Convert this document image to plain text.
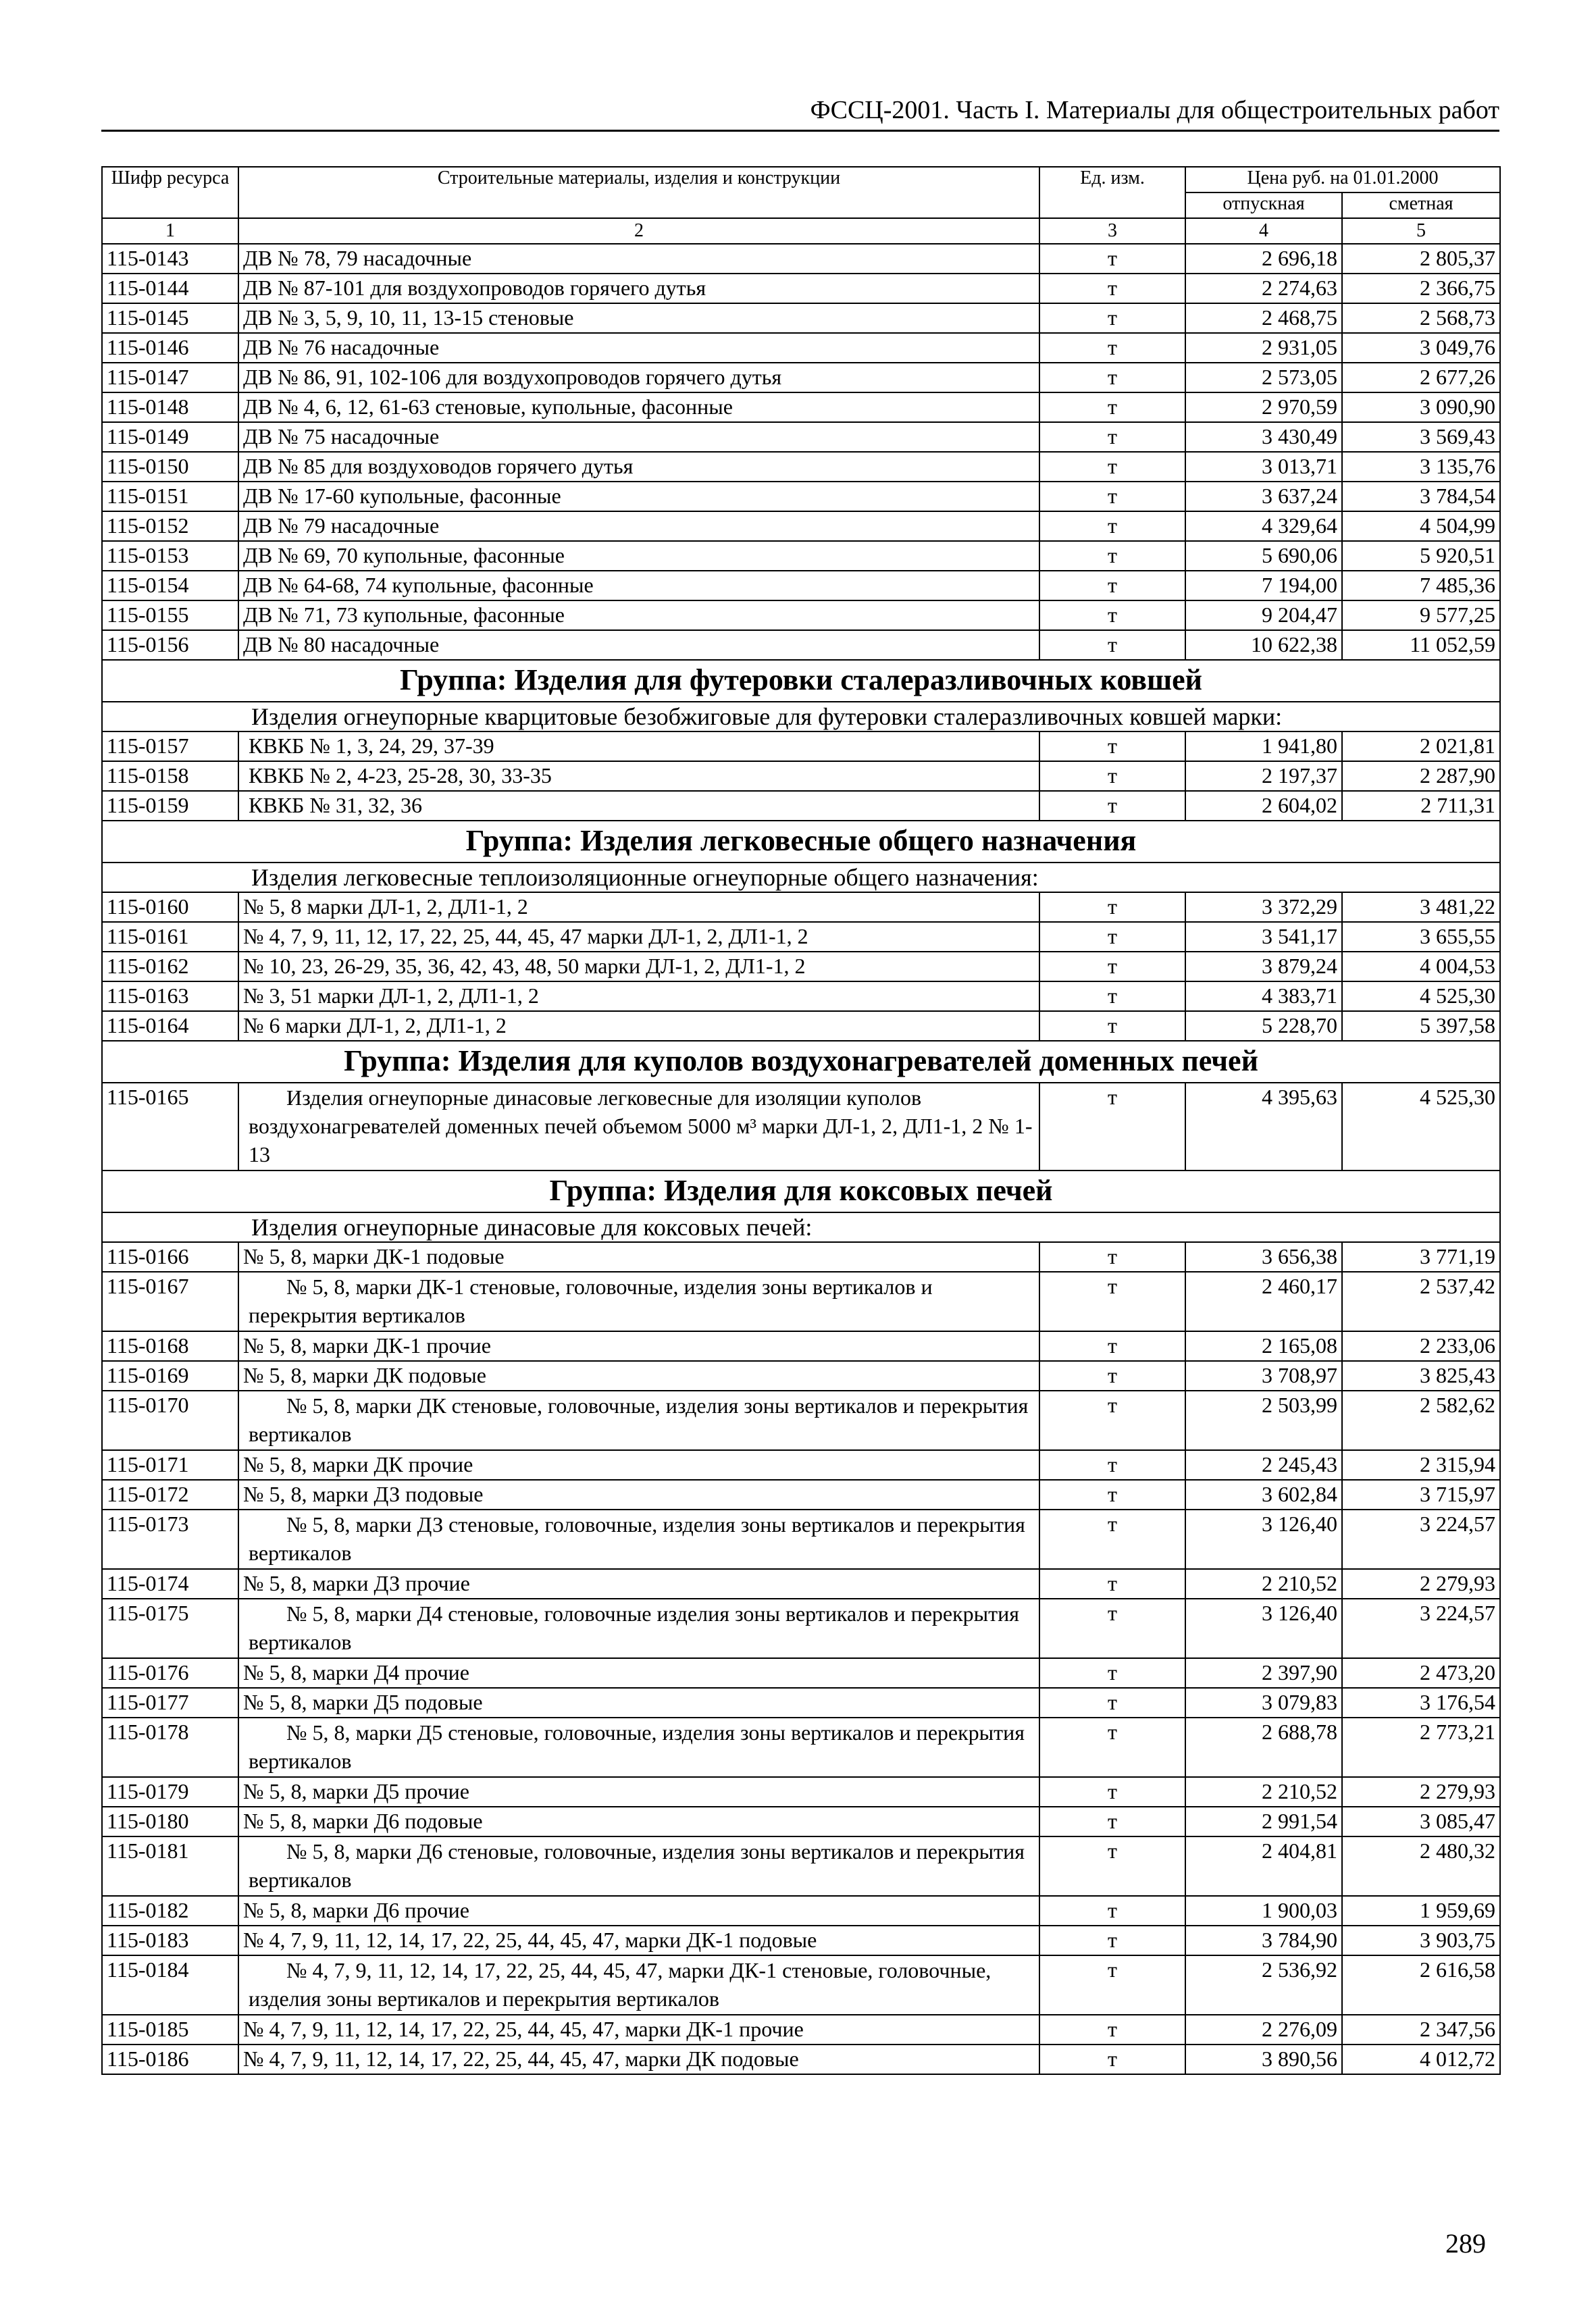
ФССЦ-2001. Часть I. Материалы для общестроительных работ
Шифр ресурса	Строительные материалы, изделия и конструкции	Ед. изм.	Цена руб. на 01.01.2000	
			отпускная	сметная
1	2	3	4	5
115-0143	ДВ № 78, 79 насадочные	т	2 696,18	2 805,37
115-0144	ДВ № 87-101 для воздухопроводов горячего дутья	т	2 274,63	2 366,75
115-0145	ДВ № 3, 5, 9, 10, 11, 13-15 стеновые	т	2 468,75	2 568,73
115-0146	ДВ № 76 насадочные	т	2 931,05	3 049,76
115-0147	ДВ № 86, 91, 102-106 для воздухопроводов горячего дутья	т	2 573,05	2 677,26
115-0148	ДВ № 4, 6, 12, 61-63 стеновые, купольные, фасонные	т	2 970,59	3 090,90
115-0149	ДВ № 75 насадочные	т	3 430,49	3 569,43
115-0150	ДВ № 85 для воздуховодов горячего дутья	т	3 013,71	3 135,76
115-0151	ДВ № 17-60 купольные, фасонные	т	3 637,24	3 784,54
115-0152	ДВ № 79 насадочные	т	4 329,64	4 504,99
115-0153	ДВ № 69, 70 купольные, фасонные	т	5 690,06	5 920,51
115-0154	ДВ № 64-68, 74 купольные, фасонные	т	7 194,00	7 485,36
115-0155	ДВ № 71, 73 купольные, фасонные	т	9 204,47	9 577,25
115-0156	ДВ № 80 насадочные	т	10 622,38	11 052,59
Группа: Изделия для футеровки сталеразливочных ковшей				
Изделия огнеупорные кварцитовые безобжиговые для футеровки сталеразливочных ковшей марки:				
115-0157	КВКБ № 1, 3, 24, 29, 37-39	т	1 941,80	2 021,81
115-0158	КВКБ № 2, 4-23, 25-28, 30, 33-35	т	2 197,37	2 287,90
115-0159	КВКБ № 31, 32, 36	т	2 604,02	2 711,31
Группа: Изделия легковесные общего назначения				
Изделия легковесные теплоизоляционные огнеупорные общего назначения:				
115-0160	№ 5, 8 марки ДЛ-1, 2, ДЛ1-1, 2	т	3 372,29	3 481,22
115-0161	№ 4, 7, 9, 11, 12, 17, 22, 25, 44, 45, 47 марки ДЛ-1, 2, ДЛ1-1, 2	т	3 541,17	3 655,55
115-0162	№ 10, 23, 26-29, 35, 36, 42, 43, 48, 50 марки ДЛ-1, 2, ДЛ1-1, 2	т	3 879,24	4 004,53
115-0163	№ 3, 51 марки ДЛ-1, 2, ДЛ1-1, 2	т	4 383,71	4 525,30
115-0164	№ 6 марки ДЛ-1, 2, ДЛ1-1, 2	т	5 228,70	5 397,58
Группа: Изделия для куполов воздухонагревателей доменных печей				
115-0165	Изделия огнеупорные динасовые легковесные для изоляции куполов воздухонагревателей доменных печей объемом 5000 м³ марки ДЛ-1, 2, ДЛ1-1, 2 № 1-13	т	4 395,63	4 525,30
Группа: Изделия для коксовых печей				
Изделия огнеупорные динасовые для коксовых печей:				
115-0166	№ 5, 8, марки ДК-1 подовые	т	3 656,38	3 771,19
115-0167	№ 5, 8, марки ДК-1 стеновые, головочные, изделия зоны вертикалов и перекрытия вертикалов	т	2 460,17	2 537,42
115-0168	№ 5, 8, марки ДК-1 прочие	т	2 165,08	2 233,06
115-0169	№ 5, 8, марки ДК подовые	т	3 708,97	3 825,43
115-0170	№ 5, 8, марки ДК стеновые, головочные, изделия зоны вертикалов и перекрытия вертикалов	т	2 503,99	2 582,62
115-0171	№ 5, 8, марки ДК прочие	т	2 245,43	2 315,94
115-0172	№ 5, 8, марки ДЗ подовые	т	3 602,84	3 715,97
115-0173	№ 5, 8, марки ДЗ стеновые, головочные, изделия зоны вертикалов и перекрытия вертикалов	т	3 126,40	3 224,57
115-0174	№ 5, 8, марки ДЗ прочие	т	2 210,52	2 279,93
115-0175	№ 5, 8, марки Д4 стеновые, головочные изделия зоны вертикалов и перекрытия вертикалов	т	3 126,40	3 224,57
115-0176	№ 5, 8, марки Д4 прочие	т	2 397,90	2 473,20
115-0177	№ 5, 8, марки Д5 подовые	т	3 079,83	3 176,54
115-0178	№ 5, 8, марки Д5 стеновые, головочные, изделия зоны вертикалов и перекрытия вертикалов	т	2 688,78	2 773,21
115-0179	№ 5, 8, марки Д5 прочие	т	2 210,52	2 279,93
115-0180	№ 5, 8, марки Д6 подовые	т	2 991,54	3 085,47
115-0181	№ 5, 8, марки Д6 стеновые, головочные, изделия зоны вертикалов и перекрытия вертикалов	т	2 404,81	2 480,32
115-0182	№ 5, 8, марки Д6 прочие	т	1 900,03	1 959,69
115-0183	№ 4, 7, 9, 11, 12, 14, 17, 22, 25, 44, 45, 47, марки ДК-1 подовые	т	3 784,90	3 903,75
115-0184	№ 4, 7, 9, 11, 12, 14, 17, 22, 25, 44, 45, 47, марки ДК-1 стеновые, головочные, изделия зоны вертикалов и перекрытия вертикалов	т	2 536,92	2 616,58
115-0185	№ 4, 7, 9, 11, 12, 14, 17, 22, 25, 44, 45, 47, марки ДК-1 прочие	т	2 276,09	2 347,56
115-0186	№ 4, 7, 9, 11, 12, 14, 17, 22, 25, 44, 45, 47, марки ДК подовые	т	3 890,56	4 012,72
289
